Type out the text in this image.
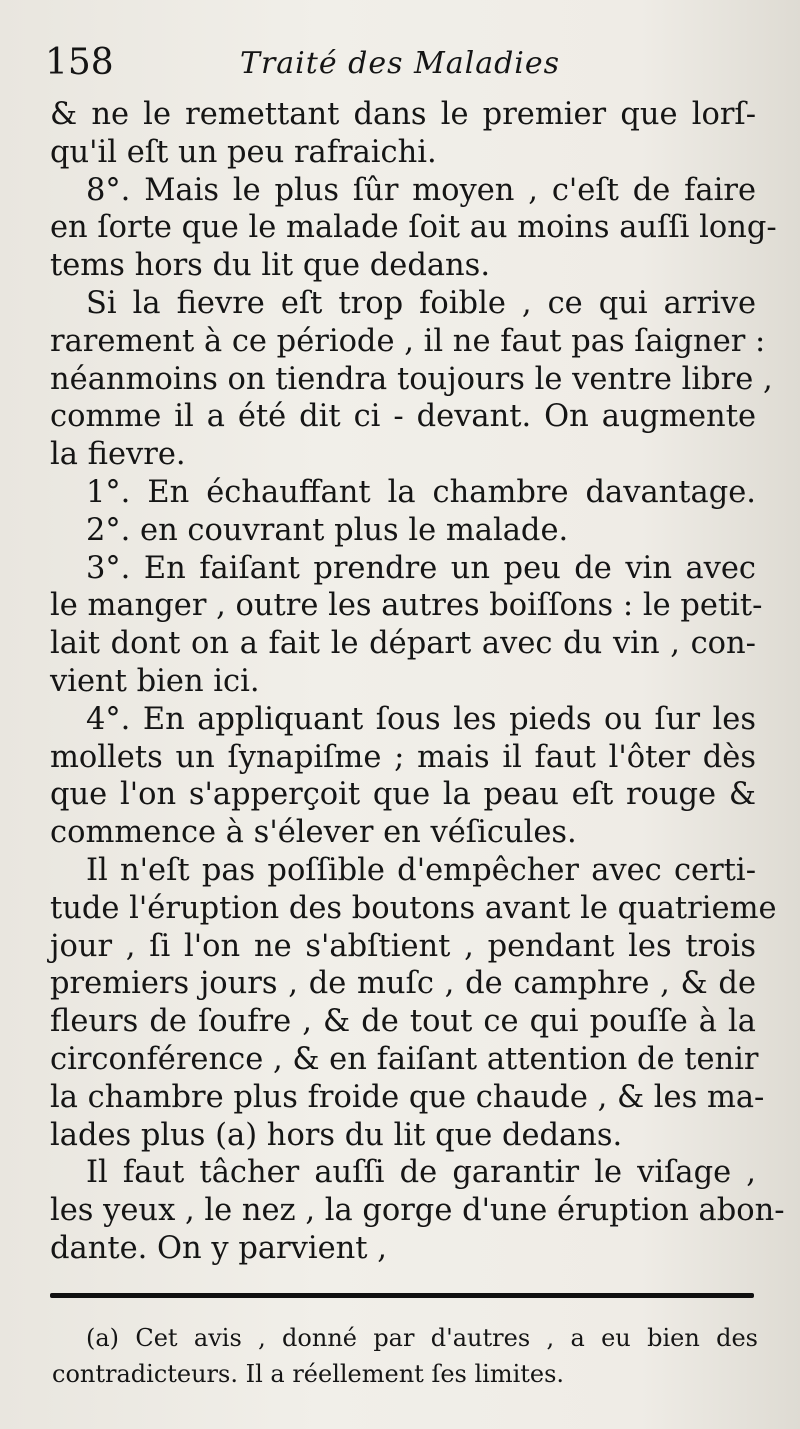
158	Traité des Maladies
& ne le remettant dans le premier que lorſ-
qu'il eſt un peu rafraichi.
8°. Mais le plus ſûr moyen , c'eſt de faire
en ſorte que le malade ſoit au moins auſſi long-
tems hors du lit que dedans.
Si la fievre eſt trop foible , ce qui arrive
rarement à ce période , il ne faut pas ſaigner :
néanmoins on tiendra toujours le ventre libre ,
comme il a été dit ci - devant. On augmente
la fievre.
1°. En échauffant la chambre davantage.
2°. en couvrant plus le malade.
3°. En faiſant prendre un peu de vin avec
le manger , outre les autres boiſſons : le petit-
lait dont on a fait le départ avec du vin , con-
vient bien ici.
4°. En appliquant ſous les pieds ou ſur les
mollets un ſynapiſme ; mais il faut l'ôter dès
que l'on s'apperçoit que la peau eſt rouge &
commence à s'élever en véſicules.
Il n'eſt pas poſſible d'empêcher avec certi-
tude l'éruption des boutons avant le quatrieme
jour , ſi l'on ne s'abſtient , pendant les trois
premiers jours , de muſc , de camphre , & de
fleurs de ſoufre , & de tout ce qui pouſſe à la
circonférence , & en faiſant attention de tenir
la chambre plus froide que chaude , & les ma-
lades plus (a) hors du lit que dedans.
Il faut tâcher auſſi de garantir le viſage ,
les yeux , le nez , la gorge d'une éruption abon-
dante. On y parvient ,
(a) Cet avis , donné par d'autres , a eu bien des
contradicteurs. Il a réellement ſes limites.
